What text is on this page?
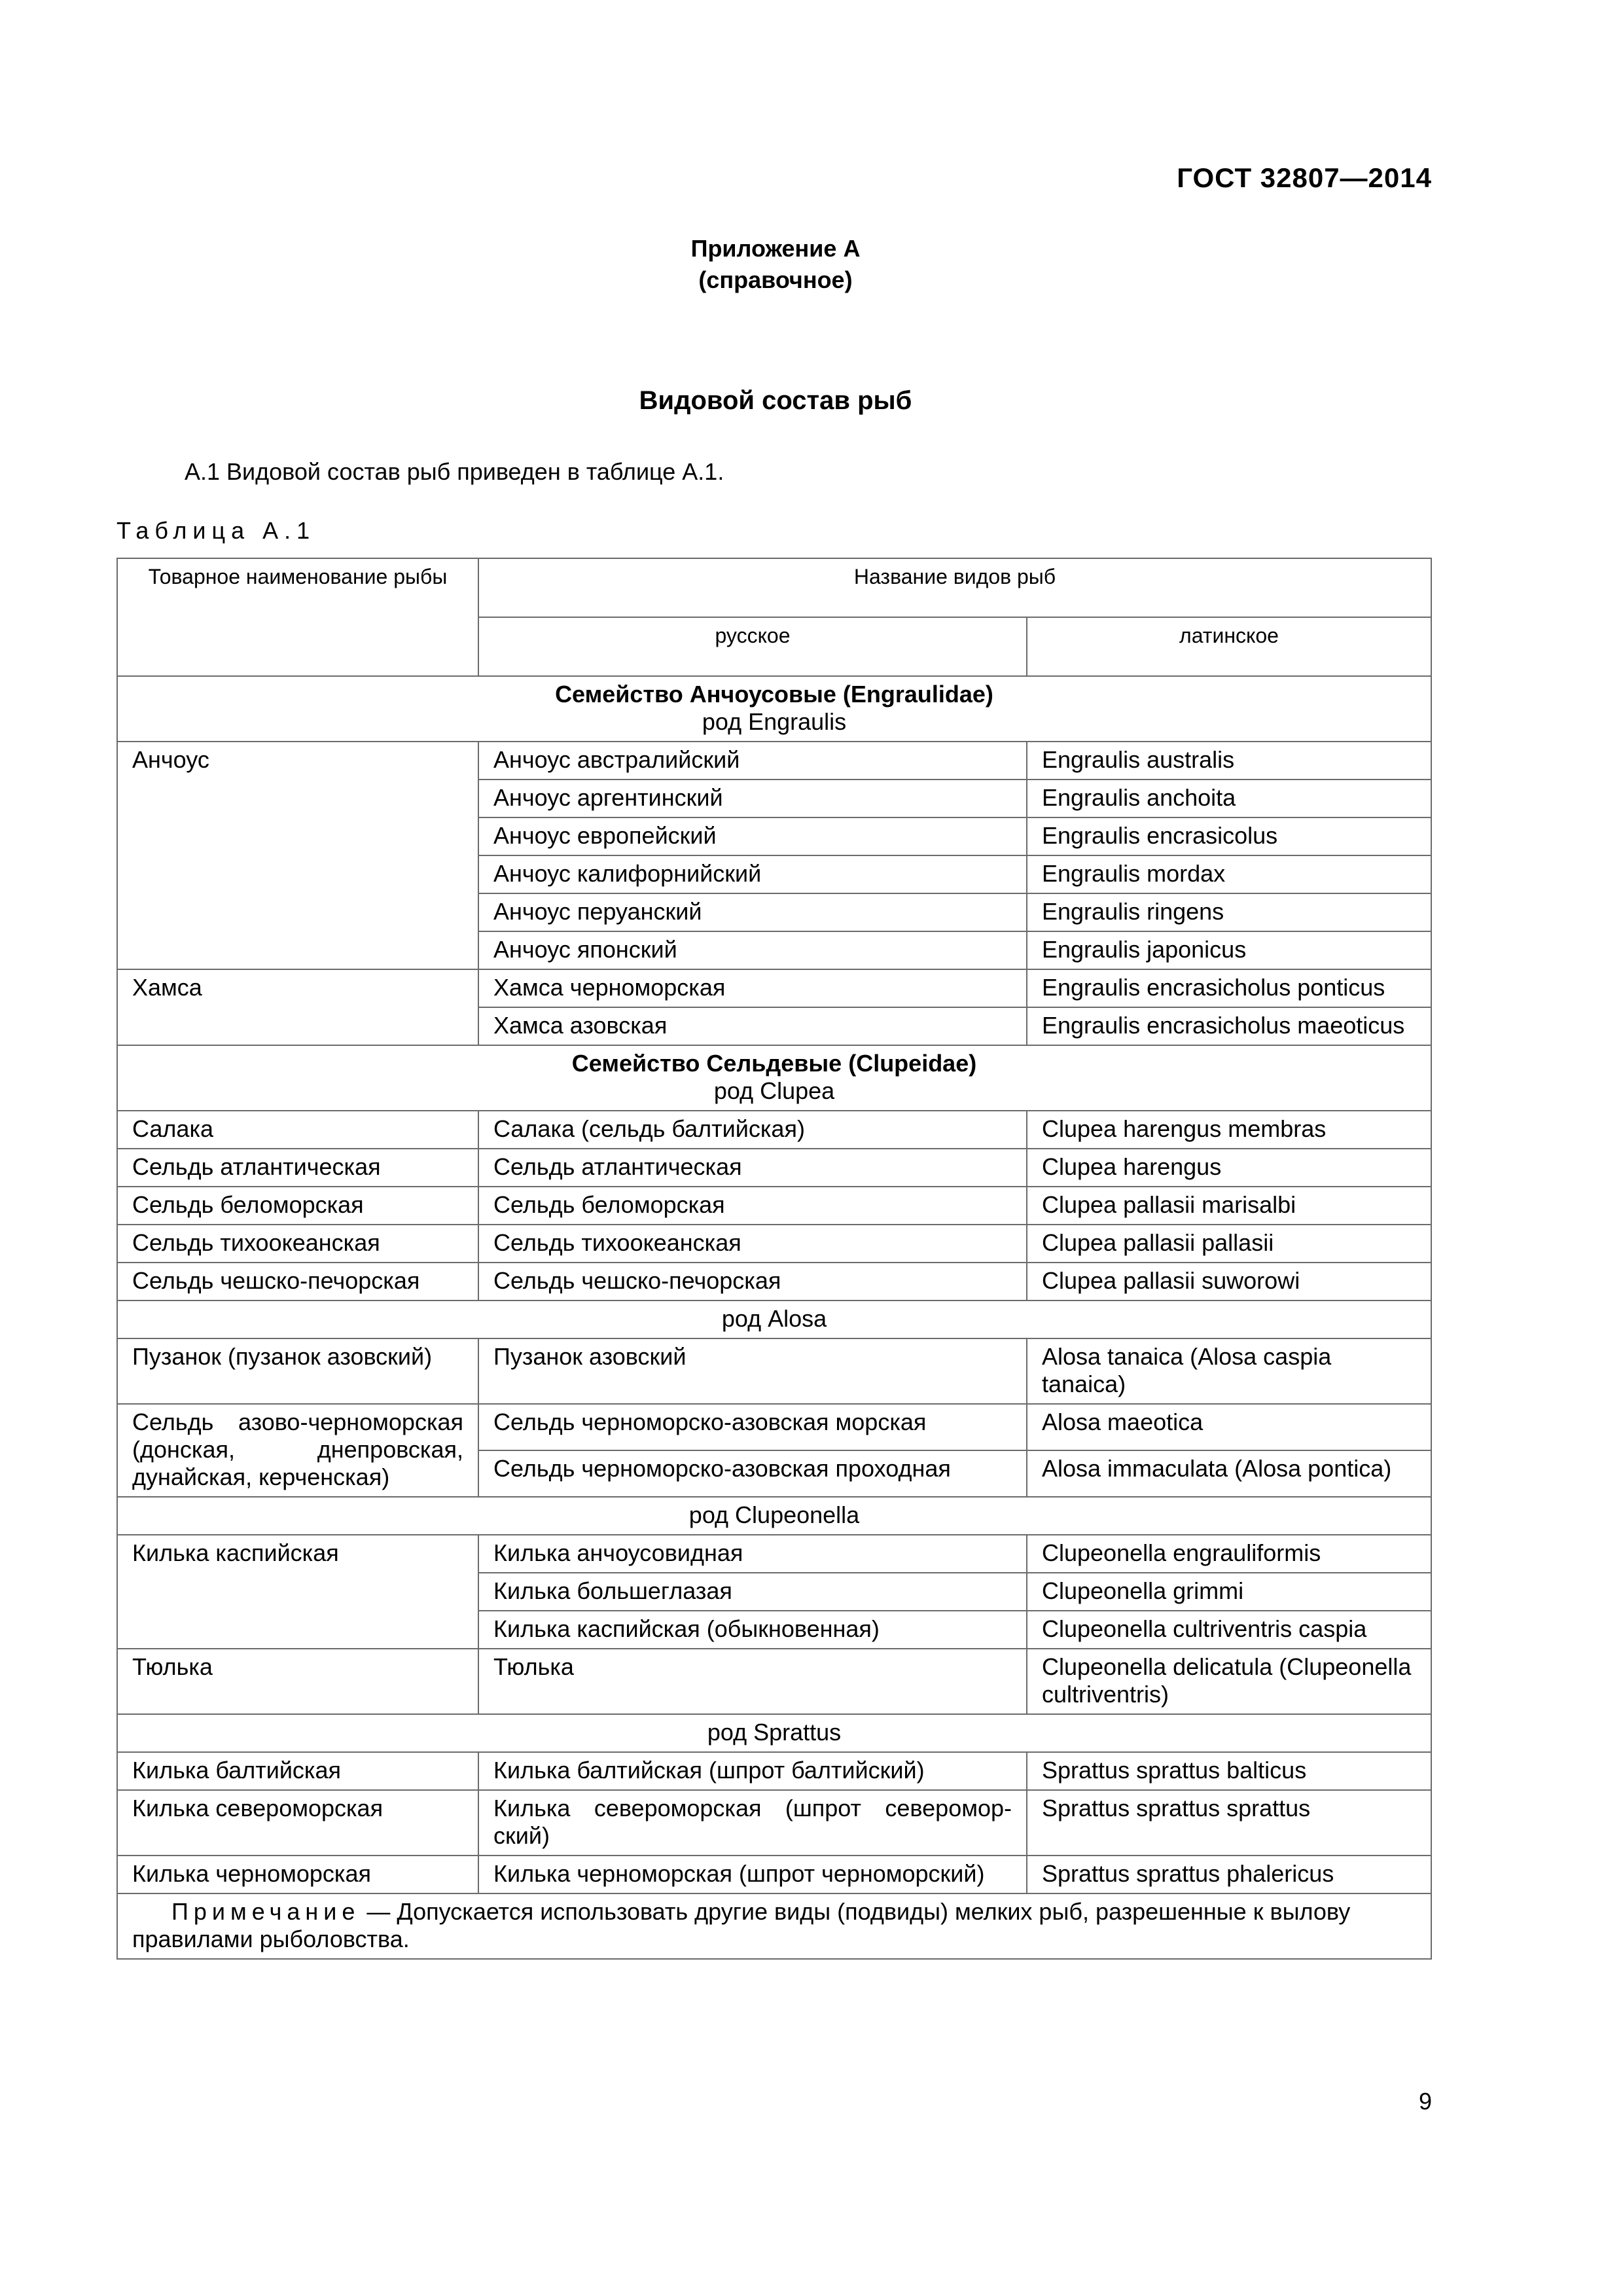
ГОСТ 32807—2014
Приложение А
(справочное)
Видовой состав рыб
А.1 Видовой состав рыб приведен в таблице А.1.
Таблица А.1
Товарное наименование рыбы	Название видов рыб	
	русское	латинское

Семейство Анчоусовые (Engraulidae)
род Engraulis		

Анчоус	Анчоус австралийский	Engraulis australis
	Анчоус аргентинский	Engraulis anchoita
	Анчоус европейский	Engraulis encrasicolus
	Анчоус калифорнийский	Engraulis mordax
	Анчоус перуанский	Engraulis ringens
	Анчоус японский	Engraulis japonicus
Хамса	Хамса черноморская	Engraulis encrasicholus ponticus
	Хамса азовская	Engraulis encrasicholus maeoticus

Семейство Сельдевые (Clupeidae)
род Clupea		

Салака	Салака (сельдь балтийская)	Clupea harengus membras
Сельдь атлантическая	Сельдь атлантическая	Clupea harengus
Сельдь беломорская	Сельдь беломорская	Clupea pallasii marisalbi
Сельдь тихоокеанская	Сельдь тихоокеанская	Clupea pallasii pallasii
Сельдь чешско-печорская	Сельдь чешско-печорская	Clupea pallasii suworowi
род Alosa		
Пузанок (пузанок азовский)	Пузанок азовский	Alosa tanaica (Alosa caspia tanaica)
Сельдь азово-черноморская (донская, днепровская, дунайская, керченская)	Сельдь черноморско-азовская морская	Alosa maeotica
	Сельдь черноморско-азовская проходная	Alosa immaculata (Alosa pontica)
род Clupeonella		
Килька каспийская	Килька анчоусовидная	Clupeonella engrauliformis
	Килька большеглазая	Clupeonella grimmi
	Килька каспийская (обыкновенная)	Clupeonella cultriventris caspia
Тюлька	Тюлька	Clupeonella delicatula (Clupeonella cultriventris)
род Sprattus		
Килька балтийская	Килька балтийская (шпрот балтийский)	Sprattus sprattus balticus
Килька североморская	Килька североморская (шпрот северомор-ский)	Sprattus sprattus sprattus
Килька черноморская	Килька черноморская (шпрот черноморский)	Sprattus sprattus phalericus
Примечание — Допускается использовать другие виды (подвиды) мелких рыб, разрешенные к вылову правилами рыболовства.		
9
